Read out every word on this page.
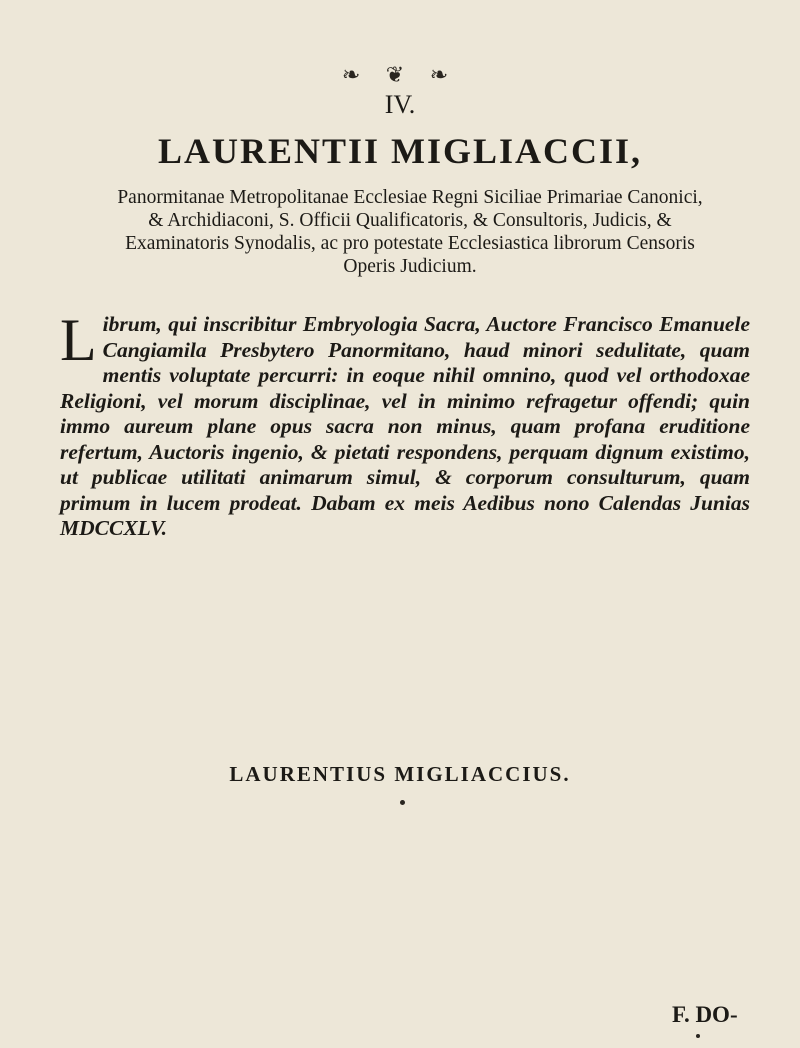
❧ ❦ ❧
IV.
LAURENTII MIGLIACCII,
Panormitanae Metropolitanae Ecclesiae Regni Siciliae Primariae Canonici, & Archidiaconi, S. Officii Qualificatoris, & Consultoris, Judicis, & Examinatoris Synodalis, ac pro potestate Ecclesiastica librorum Censoris Operis Judicium.
L ibrum, qui inscribitur Embryologia Sacra, Auctore Francisco Emanuele Cangiamila Presbytero Panormitano, haud minori sedulitate, quam mentis voluptate percurri: in eoque nihil omnino, quod vel orthodoxae Religioni, vel morum disciplinae, vel in minimo refragetur offendi; quin immo aureum plane opus sacra non minus, quam profana eruditione refertum, Auctoris ingenio, & pietati respondens, perquam dignum existimo, ut publicae utilitati animarum simul, & corporum consulturum, quam primum in lucem prodeat. Dabam ex meis Aedibus nono Calendas Junias MDCCXLV.
LAURENTIUS MIGLIACCIUS.
F. DO-
